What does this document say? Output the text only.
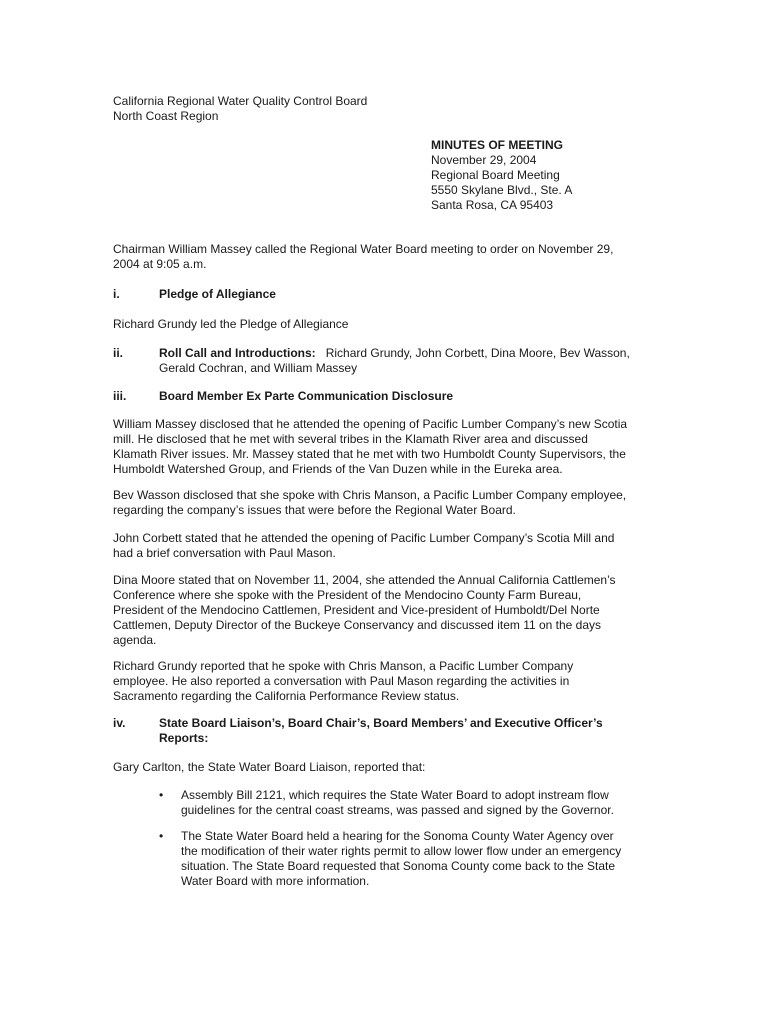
California Regional Water Quality Control Board
North Coast Region
MINUTES OF MEETING
November 29, 2004
Regional Board Meeting
5550 Skylane Blvd., Ste. A
Santa Rosa, CA 95403
Chairman William Massey called the Regional Water Board meeting to order on November 29,
2004 at 9:05 a.m.
i.	Pledge of Allegiance
Richard Grundy led the Pledge of Allegiance
ii.	Roll Call and Introductions: Richard Grundy, John Corbett, Dina Moore, Bev Wasson,
Gerald Cochran, and William Massey
iii.	Board Member Ex Parte Communication Disclosure
William Massey disclosed that he attended the opening of Pacific Lumber Company’s new Scotia
mill. He disclosed that he met with several tribes in the Klamath River area and discussed
Klamath River issues. Mr. Massey stated that he met with two Humboldt County Supervisors, the
Humboldt Watershed Group, and Friends of the Van Duzen while in the Eureka area.
Bev Wasson disclosed that she spoke with Chris Manson, a Pacific Lumber Company employee,
regarding the company’s issues that were before the Regional Water Board.
John Corbett stated that he attended the opening of Pacific Lumber Company’s Scotia Mill and
had a brief conversation with Paul Mason.
Dina Moore stated that on November 11, 2004, she attended the Annual California Cattlemen’s
Conference where she spoke with the President of the Mendocino County Farm Bureau,
President of the Mendocino Cattlemen, President and Vice-president of Humboldt/Del Norte
Cattlemen, Deputy Director of the Buckeye Conservancy and discussed item 11 on the days
agenda.
Richard Grundy reported that he spoke with Chris Manson, a Pacific Lumber Company
employee. He also reported a conversation with Paul Mason regarding the activities in
Sacramento regarding the California Performance Review status.
iv.	State Board Liaison’s, Board Chair’s, Board Members’ and Executive Officer’s
Reports:
Gary Carlton, the State Water Board Liaison, reported that:
• Assembly Bill 2121, which requires the State Water Board to adopt instream flow
guidelines for the central coast streams, was passed and signed by the Governor.
• The State Water Board held a hearing for the Sonoma County Water Agency over
the modification of their water rights permit to allow lower flow under an emergency
situation. The State Board requested that Sonoma County come back to the State
Water Board with more information.
